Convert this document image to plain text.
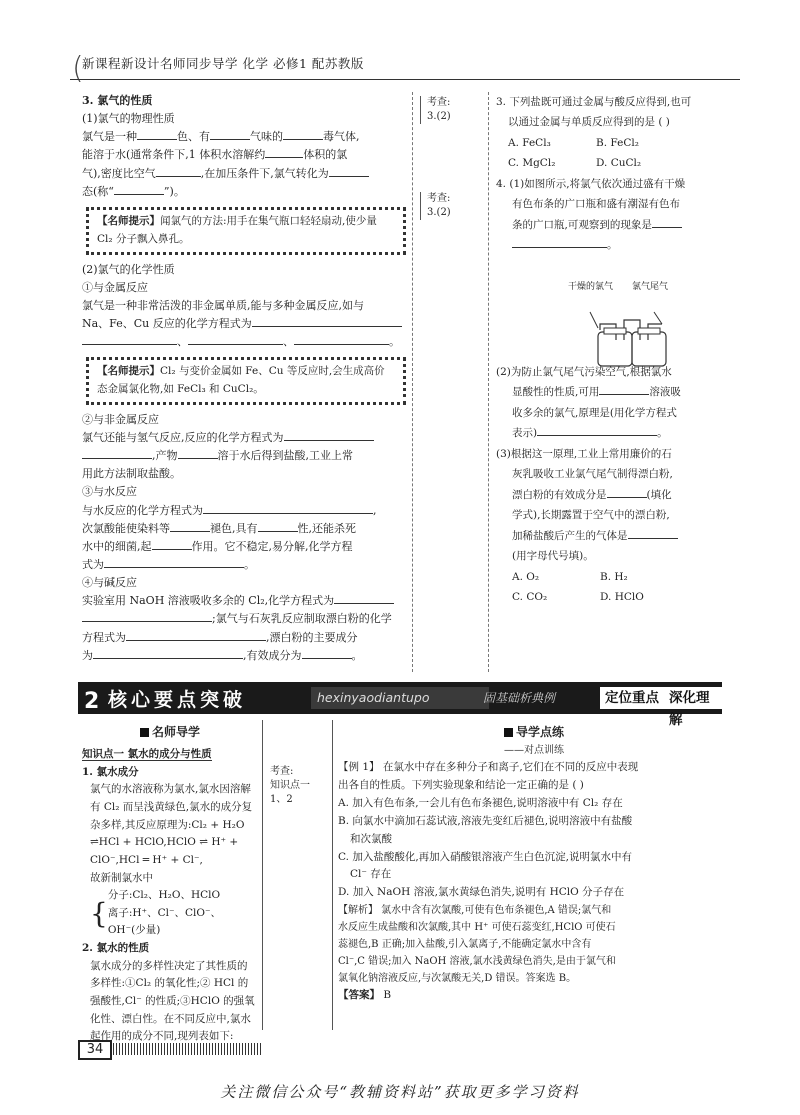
(
新课程新设计名师同步导学 化学 必修1 配苏教版
考查:
3.(2)
考查:
3.(2)

3. 氯气的性质

(1)氯气的物理性质

氯气是一种	色、有	气味的	毒气体,

能溶于水(通常条件下,1 体积水溶解约	体积的氯

气),密度比空气	,在加压条件下,氯气转化为

态(称“	”)。

【名师提示】闻氯气的方法:用手在集气瓶口轻轻扇动,使少量 Cl₂ 分子飘入鼻孔。

(2)氯气的化学性质

①与金属反应

氯气是一种非常活泼的非金属单质,能与多种金属反应,如与

Na、Fe、Cu 反应的化学方程式为

、	、	。

【名师提示】Cl₂ 与变价金属如 Fe、Cu 等反应时,会生成高价态金属氯化物,如 FeCl₃ 和 CuCl₂。

②与非金属反应

氯气还能与氢气反应,反应的化学方程式为

,产物	溶于水后得到盐酸,工业上常

用此方法制取盐酸。

③与水反应

与水反应的化学方程式为	,

次氯酸能使染料等	褪色,具有	性,还能杀死

水中的细菌,起	作用。它不稳定,易分解,化学方程

式为	。

④与碱反应

实验室用 NaOH 溶液吸收多余的 Cl₂,化学方程式为

;氯气与石灰乳反应制取漂白粉的化学

方程式为	,漂白粉的主要成分

为	,有效成分为	。

3. 下列盐既可通过金属与酸反应得到,也可

以通过金属与单质反应得到的是 ( )

A. FeCl₃	B. FeCl₂

C. MgCl₂	D. CuCl₂

4. (1)如图所示,将氯气依次通过盛有干燥

有色布条的广口瓶和盛有潮湿有色布

条的广口瓶,可观察到的现象是

。

干燥的氯气 氯气尾气

(2)为防止氯气尾气污染空气,根据氯水

显酸性的性质,可用	溶液吸

收多余的氯气,原理是(用化学方程式

表示)	。

(3)根据这一原理,工业上常用廉价的石

灰乳吸收工业氯气尾气制得漂白粉,

漂白粉的有效成分是	(填化

学式),长期露置于空气中的漂白粉,

加稀盐酸后产生的气体是

(用字母代号填)。

A. O₂	B. H₂

C. CO₂	D. HClO

2 核心要点突破	hexinyaodiantupo	固基础析典例	定位重点 深化理解
考查:
知识点一
1、2

名师导学

知识点一 氯水的成分与性质

1. 氯水成分

氯气的水溶液称为氯水,氯水因溶解

有 Cl₂ 而呈浅黄绿色,氯水的成分复

杂多样,其反应原理为:Cl₂ + H₂O

⇌HCl + HClO,HClO ⇌ H⁺ +

ClO⁻,HCl ═ H⁺ + Cl⁻,

故新制氯水中

{

分子:Cl₂、H₂O、HClO

离子:H⁺、Cl⁻、ClO⁻、OH⁻(少量)

2. 氯水的性质

氯水成分的多样性决定了其性质的

多样性:①Cl₂ 的氧化性;② HCl 的

强酸性,Cl⁻ 的性质;③HClO 的强氧

化性、漂白性。在不同反应中,氯水

起作用的成分不同,现列表如下:

导学点练

——对点训练

【例 1】 在氯水中存在多种分子和离子,它们在不同的反应中表现

出各自的性质。下列实验现象和结论一定正确的是 ( )

A. 加入有色布条,一会儿有色布条褪色,说明溶液中有 Cl₂ 存在

B. 向氯水中滴加石蕊试液,溶液先变红后褪色,说明溶液中有盐酸

和次氯酸

C. 加入盐酸酸化,再加入硝酸银溶液产生白色沉淀,说明氯水中有

Cl⁻ 存在

D. 加入 NaOH 溶液,氯水黄绿色消失,说明有 HClO 分子存在

【解析】 氯水中含有次氯酸,可使有色布条褪色,A 错误;氯气和

水反应生成盐酸和次氯酸,其中 H⁺ 可使石蕊变红,HClO 可使石

蕊褪色,B 正确;加入盐酸,引入氯离子,不能确定氯水中含有

Cl⁻,C 错误;加入 NaOH 溶液,氯水浅黄绿色消失,是由于氯气和

氯氧化钠溶液反应,与次氯酸无关,D 错误。答案选 B。

【答案】 B

34
关注微信公众号“教辅资料站”获取更多学习资料
